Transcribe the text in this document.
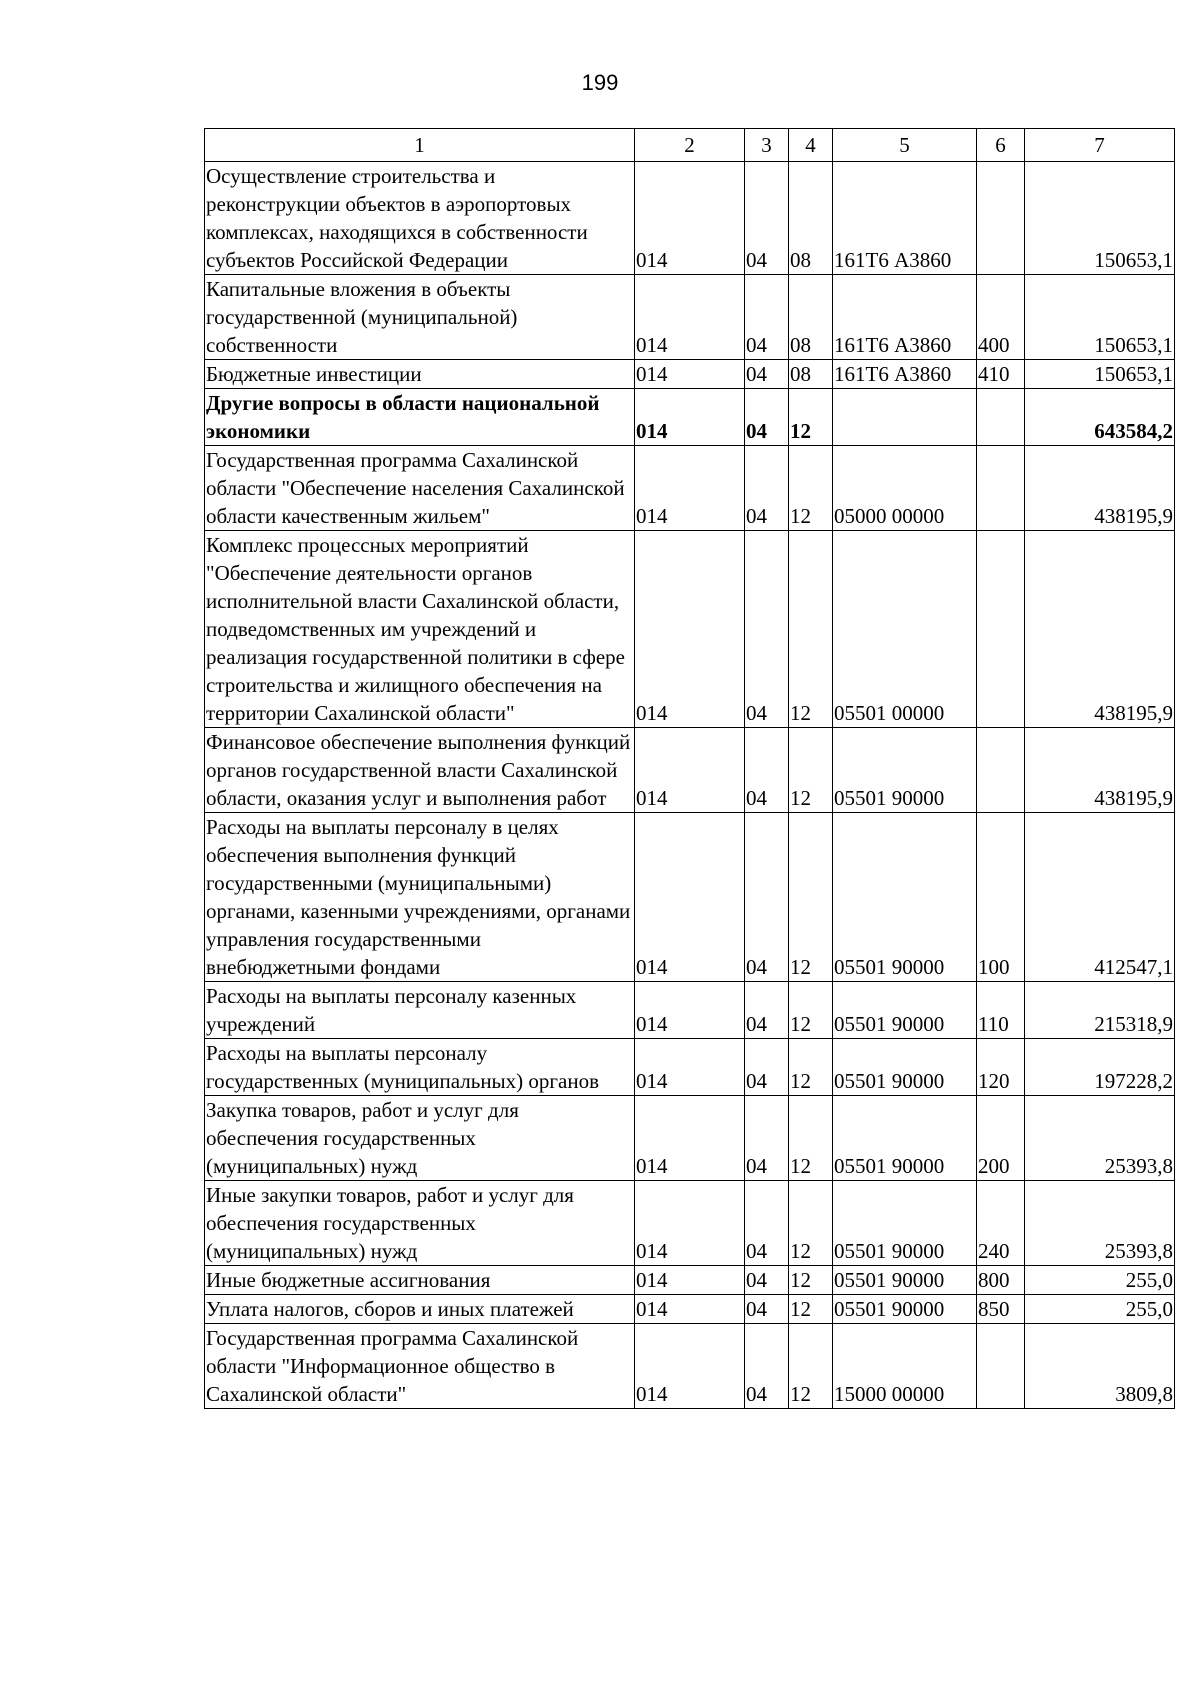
199
1	2	3	4	5	6	7
Осуществление строительства и реконструкции объектов в аэропортовых комплексах, находящихся в собственности субъектов Российской Федерации	014	04	08	161Т6 А3860		150653,1
Капитальные вложения в объекты государственной (муниципальной) собственности	014	04	08	161Т6 А3860	400	150653,1
Бюджетные инвестиции	014	04	08	161Т6 А3860	410	150653,1
Другие вопросы в области национальной экономики	014	04	12			643584,2
Государственная программа Сахалинской области "Обеспечение населения Сахалинской области качественным жильем"	014	04	12	05000 00000		438195,9
Комплекс процессных мероприятий "Обеспечение деятельности органов исполнительной власти Сахалинской области, подведомственных им учреждений и реализация государственной политики в сфере строительства и жилищного обеспечения на территории Сахалинской области"	014	04	12	05501 00000		438195,9
Финансовое обеспечение выполнения функций органов государственной власти Сахалинской области, оказания услуг и выполнения работ	014	04	12	05501 90000		438195,9
Расходы на выплаты персоналу в целях обеспечения выполнения функций государственными (муниципальными) органами, казенными учреждениями, органами управления государственными внебюджетными фондами	014	04	12	05501 90000	100	412547,1
Расходы на выплаты персоналу казенных учреждений	014	04	12	05501 90000	110	215318,9
Расходы на выплаты персоналу государственных (муниципальных) органов	014	04	12	05501 90000	120	197228,2
Закупка товаров, работ и услуг для обеспечения государственных (муниципальных) нужд	014	04	12	05501 90000	200	25393,8
Иные закупки товаров, работ и услуг для обеспечения государственных (муниципальных) нужд	014	04	12	05501 90000	240	25393,8
Иные бюджетные ассигнования	014	04	12	05501 90000	800	255,0
Уплата налогов, сборов и иных платежей	014	04	12	05501 90000	850	255,0
Государственная программа Сахалинской области "Информационное общество в Сахалинской области"	014	04	12	15000 00000		3809,8
